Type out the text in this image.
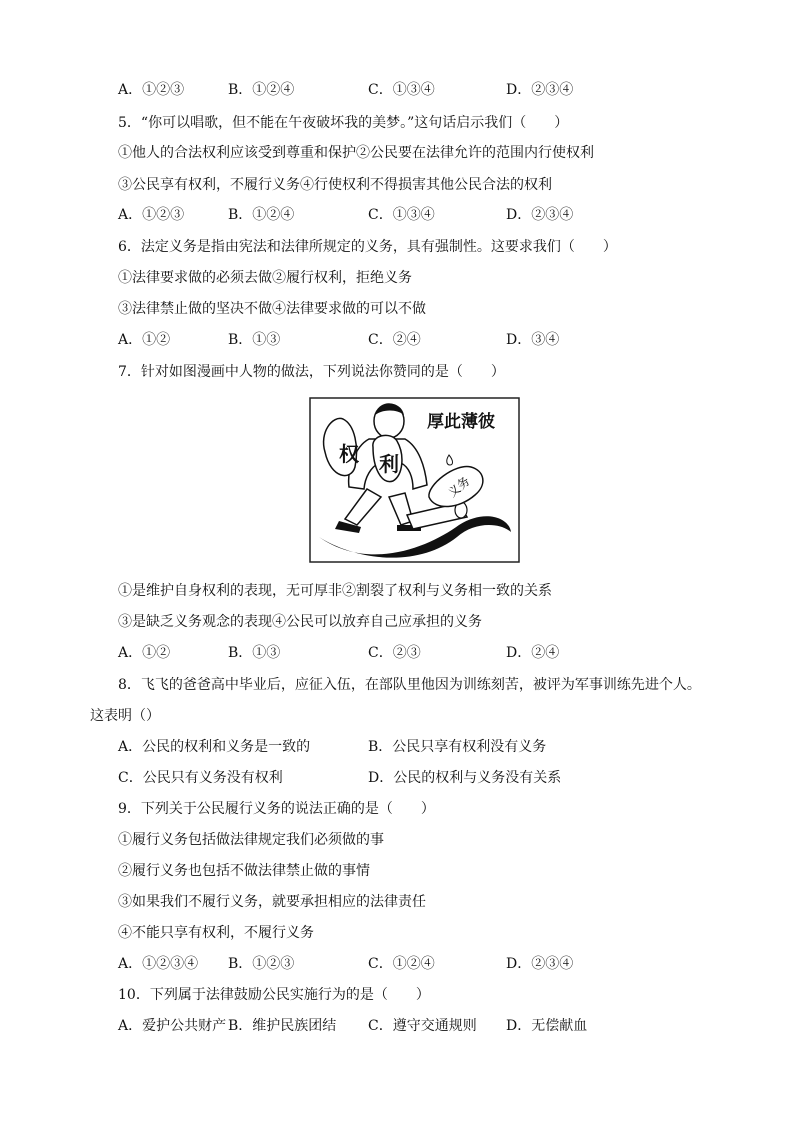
A．①②③	B．①②④	C．①③④	D．②③④
5．“你可以唱歌，但不能在午夜破坏我的美梦。”这句话启示我们（　　）
①他人的合法权利应该受到尊重和保护②公民要在法律允许的范围内行使权利
③公民享有权利，不履行义务④行使权利不得损害其他公民合法的权利
A．①②③	B．①②④	C．①③④	D．②③④
6．法定义务是指由宪法和法律所规定的义务，具有强制性。这要求我们（　　）
①法律要求做的必须去做②履行权利，拒绝义务
③法律禁止做的坚决不做④法律要求做的可以不做
A．①②	B．①③	C．②④	D．③④
7．针对如图漫画中人物的做法，下列说法你赞同的是（　　）
权 利
厚此薄彼
义务
①是维护自身权利的表现，无可厚非②割裂了权利与义务相一致的关系
③是缺乏义务观念的表现④公民可以放弃自己应承担的义务
A．①②	B．①③	C．②③	D．②④
8．飞飞的爸爸高中毕业后，应征入伍，在部队里他因为训练刻苦，被评为军事训练先进个人。
这表明（）
A．公民的权利和义务是一致的	B．公民只享有权利没有义务
C．公民只有义务没有权利	D．公民的权利与义务没有关系
9．下列关于公民履行义务的说法正确的是（　　）
①履行义务包括做法律规定我们必须做的事
②履行义务也包括不做法律禁止做的事情
③如果我们不履行义务，就要承担相应的法律责任
④不能只享有权利，不履行义务
A．①②③④ B．①②③	C．①②④	D．②③④
10．下列属于法律鼓励公民实施行为的是（　　）
A．爱护公共财产 B．维护民族团结 C．遵守交通规则 D．无偿献血
